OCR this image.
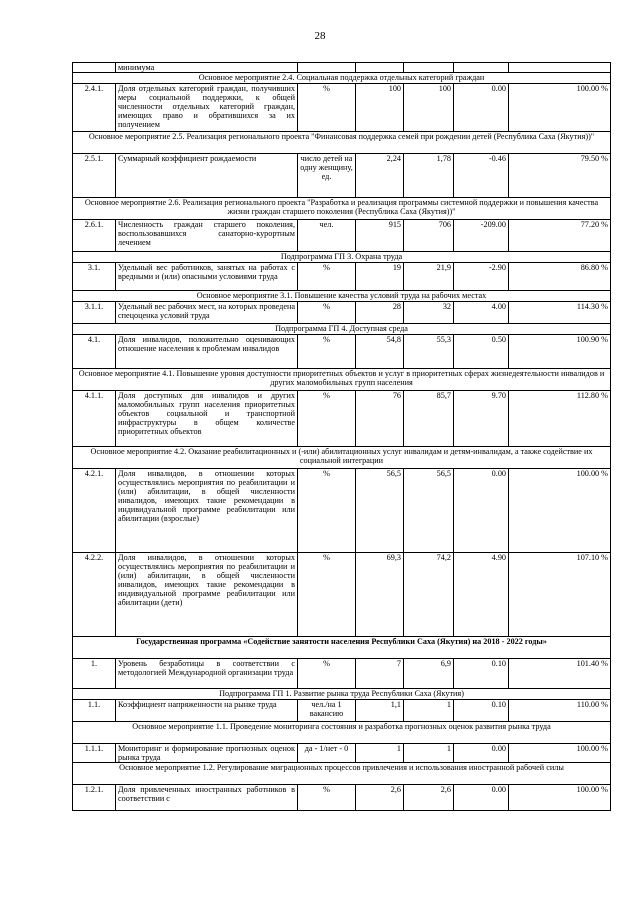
28
	минимума					
Основное мероприятие 2.4. Социальная поддержка отдельных категорий граждан						
2.4.1.	Доля отдельных категорий граждан, получивших меры социальной поддержки, к общей численности отдельных категорий граждан, имеющих право и обратившихся за их получением	%	100	100	0.00	100.00 %
Основное мероприятие 2.5. Реализация регионального проекта "Финансовая поддержка семей при рождении детей (Республика Саха (Якутия))"						
2.5.1.	Суммарный коэффициент рождаемости	число детей на одну женщину, ед.	2,24	1,78	-0.46	79.50 %
Основное мероприятие 2.6. Реализация регионального проекта "Разработка и реализация программы системной поддержки и повышения качества жизни граждан старшего поколения (Республика Саха (Якутия))"						
2.6.1.	Численность граждан старшего поколения, воспользовавшихся санаторно-курортным лечением	чел.	915	706	-209.00	77.20 %
Подпрограмма ГП 3. Охрана труда						
3.1.	Удельный вес работников, занятых на работах с вредными и (или) опасными условиями труда	%	19	21,9	-2.90	86.80 %
Основное мероприятие 3.1. Повышение качества условий труда на рабочих местах						
3.1.1.	Удельный вес рабочих мест, на которых проведена спецоценка условий труда	%	28	32	4.00	114.30 %
Подпрограмма ГП 4. Доступная среда						
4.1.	Доля инвалидов, положительно оценивающих отношение населения к проблемам инвалидов	%	54,8	55,3	0.50	100.90 %
Основное мероприятие 4.1. Повышение уровня доступности приоритетных объектов и услуг в приоритетных сферах жизнедеятельности инвалидов и других маломобильных групп населения						
4.1.1.	Доля доступных для инвалидов и других маломобильных групп населения приоритетных объектов социальной и транспортной инфраструктуры в общем количестве приоритетных объектов	%	76	85,7	9.70	112.80 %
Основное мероприятие 4.2. Оказание реабилитационных и (-или) абилитационных услуг инвалидам и детям-инвалидам, а также содействие их социальной интеграции						
4.2.1.	Доля инвалидов, в отношении которых осуществлялись мероприятия по реабилитации и (или) абилитации, в общей численности инвалидов, имеющих такие рекомендации в индивидуальной программе реабилитации или абилитации (взрослые)	%	56,5	56,5	0.00	100.00 %
4.2.2.	Доля инвалидов, в отношении которых осуществлялись мероприятия по реабилитации и (или) абилитации, в общей численности инвалидов, имеющих такие рекомендации в индивидуальной программе реабилитации или абилитации (дети)	%	69,3	74,2	4.90	107.10 %
Государственная программа «Содействие занятости населения Республики Саха (Якутия) на 2018 - 2022 годы»						
1.	Уровень безработицы в соответствии с методологией Международной организации труда	%	7	6,9	0.10	101.40 %
Подпрограмма ГП 1. Развитие рынка труда Республики Саха (Якутия)						
1.1.	Коэффициент напряженности на рынке труда	чел./на 1 вакансию	1,1	1	0.10	110.00 %
Основное мероприятие 1.1. Проведение мониторинга состояния и разработка прогнозных оценок развития рынка труда						
1.1.1.	Мониторинг и формирование прогнозных оценок рынка труда	да - 1/нет - 0	1	1	0.00	100.00 %
Основное мероприятие 1.2. Регулирование миграционных процессов привлечения и использования иностранной рабочей силы						
1.2.1.	Доля привлеченных иностранных работников в соответствии с	%	2,6	2,6	0.00	100.00 %
